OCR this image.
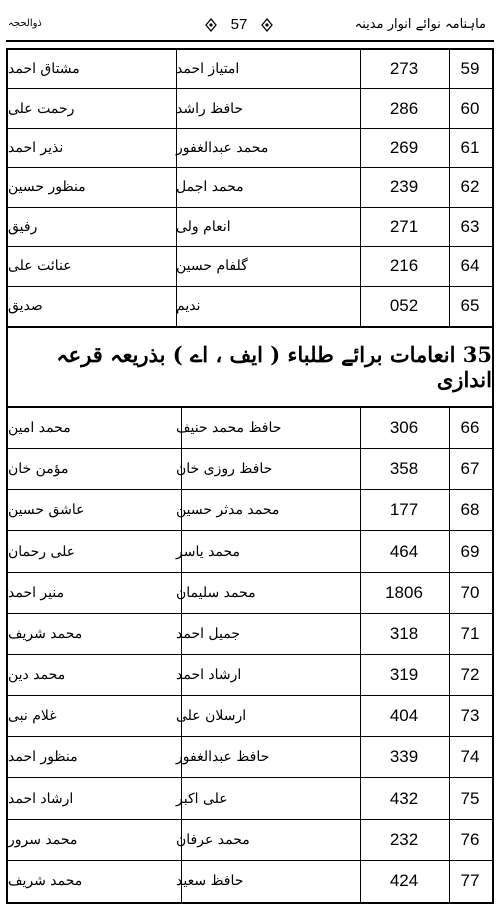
ذوالحجہ	57	ماہنامہ نوائے انوار مدینہ
59
273
امتیاز احمد
مشتاق احمد
60
286
حافظ راشد
رحمت علی
61
269
محمد عبدالغفور
نذیر احمد
62
239
محمد اجمل
منظور حسین
63
271
انعام ولی
رفیق
64
216
گلفام حسین
عنائت علی
65
052
ندیم
صدیق
35 انعامات برائے طلباء ( ایف ، اے ) بذریعہ قرعہ اندازی
66
306
حافظ محمد حنیف
محمد امین
67
358
حافظ روزی خان
مؤمن خان
68
177
محمد مدثر حسین
عاشق حسین
69
464
محمد یاسر
علی رحمان
70
1806
محمد سلیمان
منیر احمد
71
318
جمیل احمد
محمد شریف
72
319
ارشاد احمد
محمد دین
73
404
ارسلان علی
غلام نبی
74
339
حافظ عبدالغفور
منظور احمد
75
432
علی اکبر
ارشاد احمد
76
232
محمد عرفان
محمد سرور
77
424
حافظ سعید
محمد شریف
